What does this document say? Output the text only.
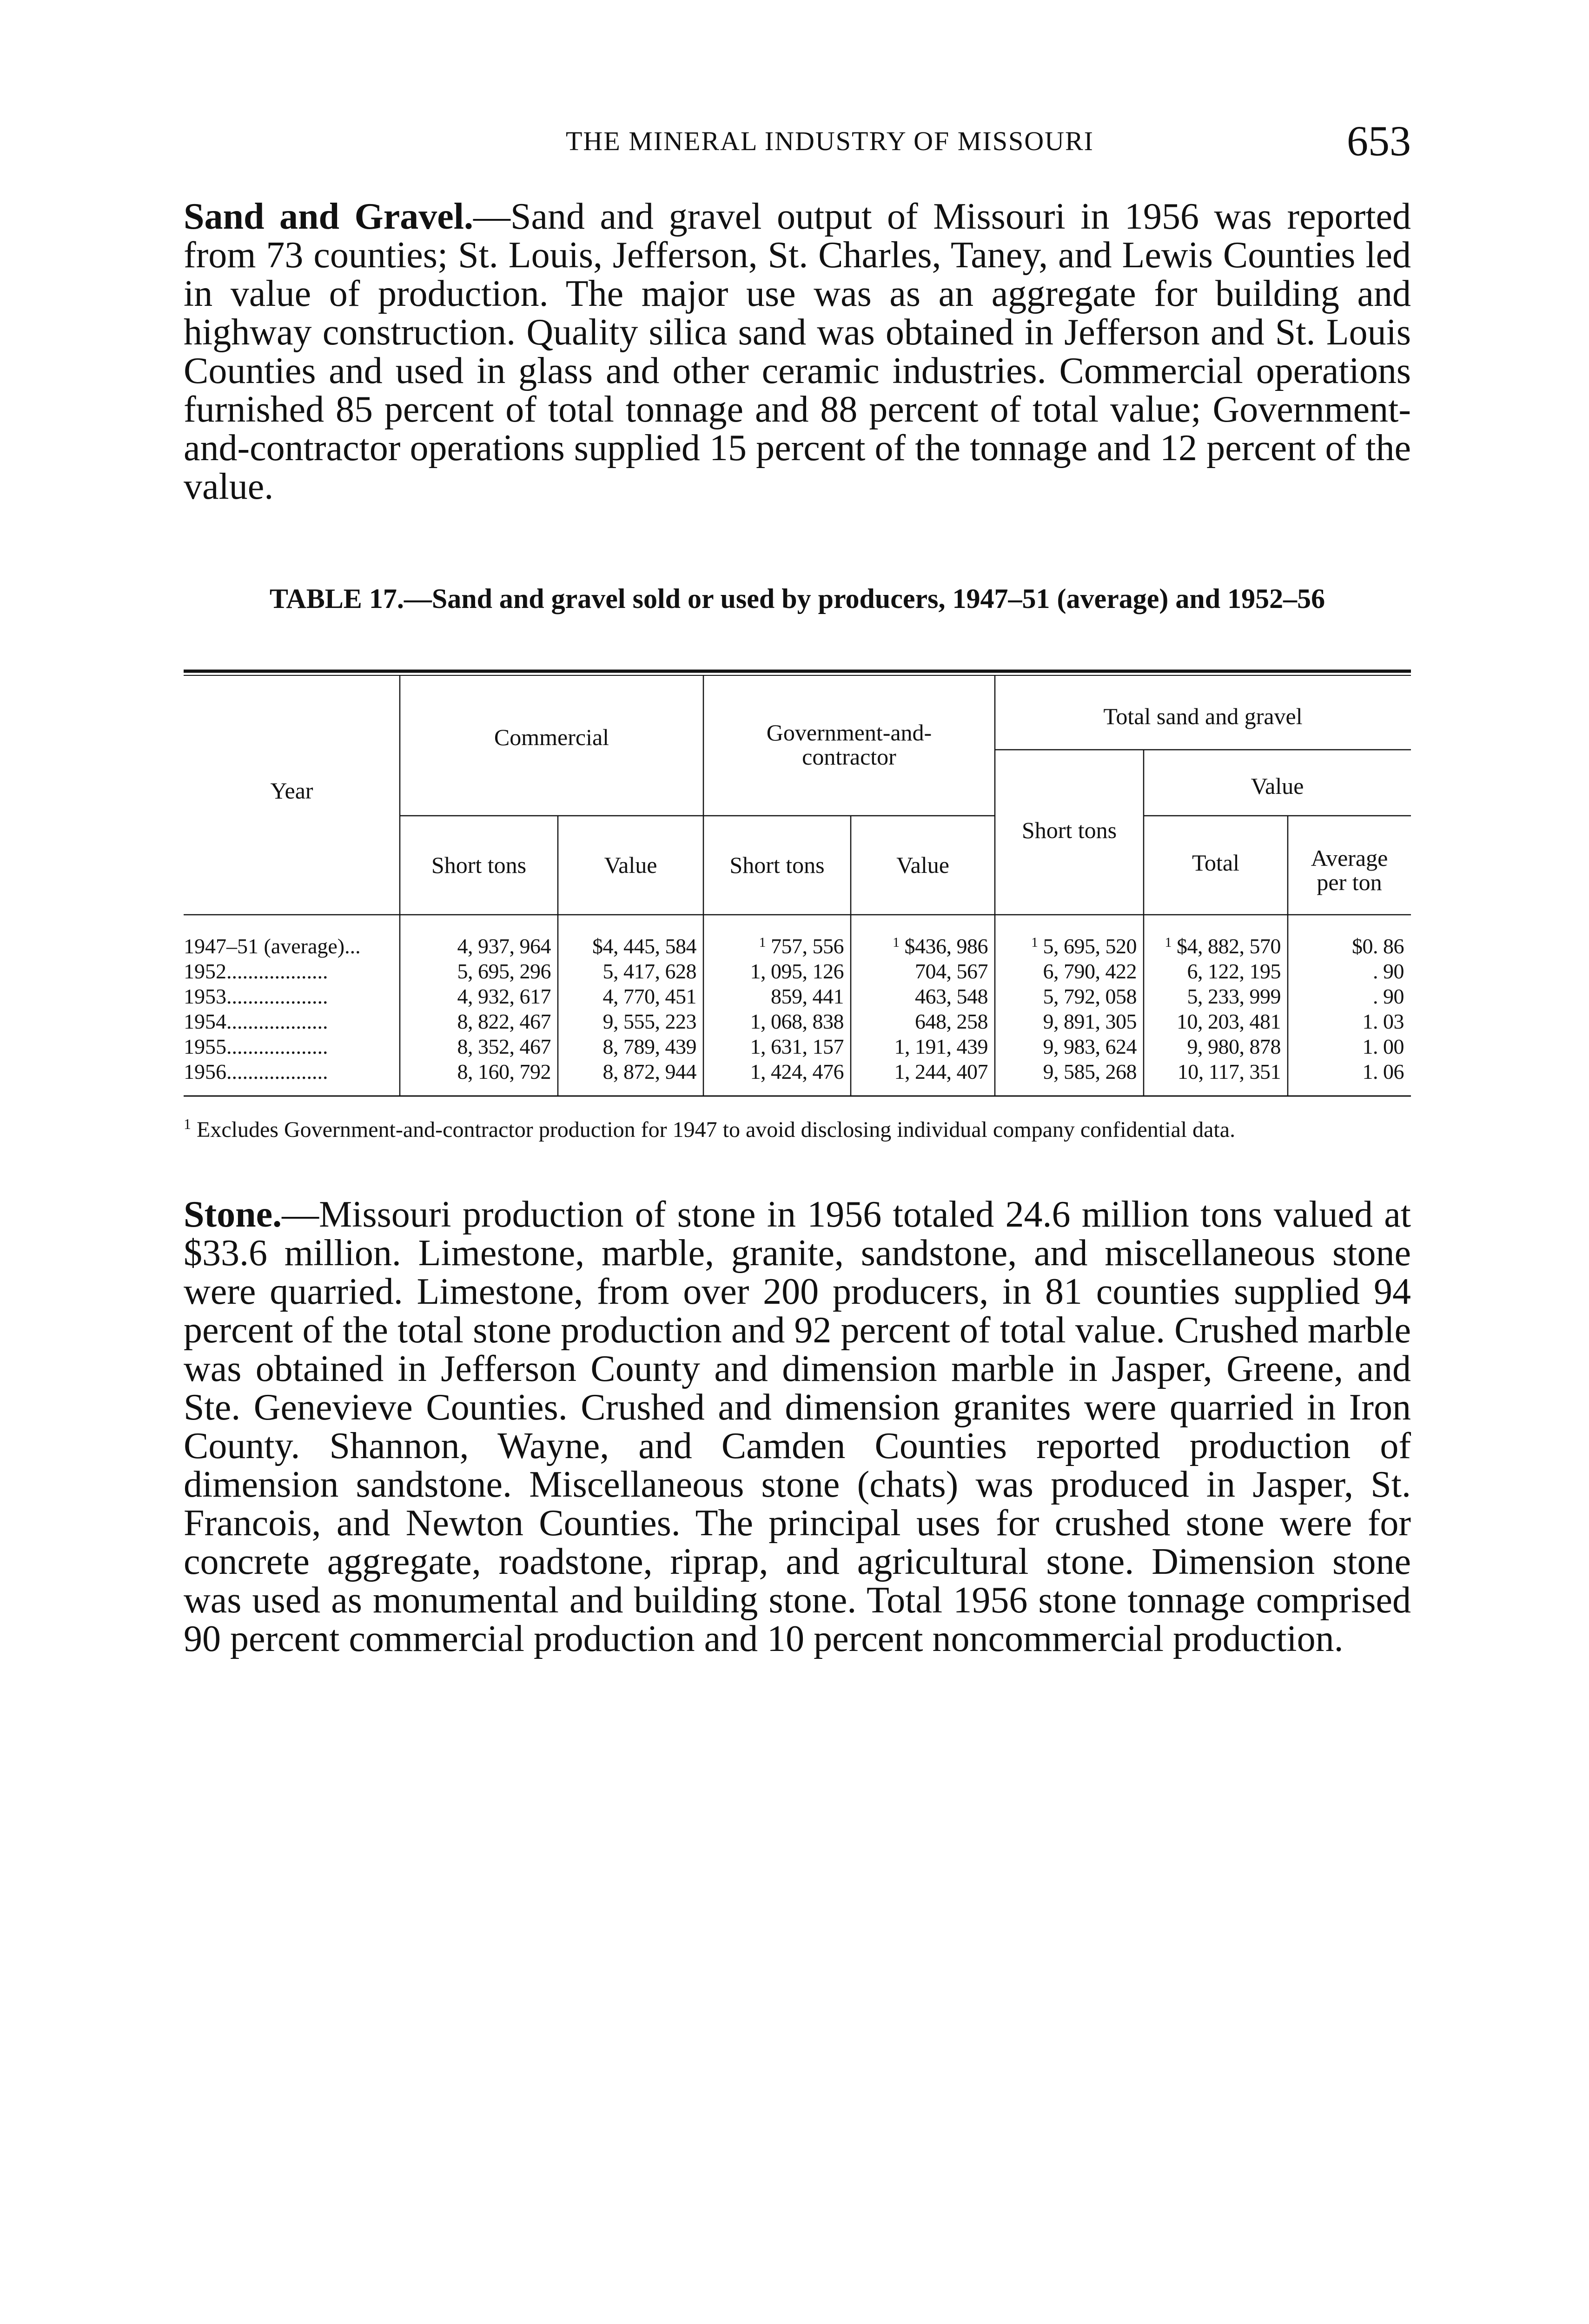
THE MINERAL INDUSTRY OF MISSOURI	653

Sand and Gravel.—Sand and gravel output of Missouri in 1956 was reported from 73 counties; St. Louis, Jefferson, St. Charles, Taney, and Lewis Counties led in value of production. The major use was as an aggregate for building and highway construction. Quality silica sand was obtained in Jefferson and St. Louis Counties and used in glass and other ceramic industries. Commercial operations furnished 85 percent of total tonnage and 88 percent of total value; Government-and-contractor operations supplied 15 percent of the tonnage and 12 percent of the value.

TABLE 17.—Sand and gravel sold or used by producers, 1947–51 (average) and 1952–56
Year
Commercial	Government-and-contractor
Total sand and gravel
Value
Short tons	Value	Short tons	Value
Short tons
Total	Average per ton
1947–51 (average)...	4, 937, 964	$4, 445, 584	$^1$ 757, 556	$^1$ $436, 986	$^1$ 5, 695, 520	$^1$ $4, 882, 570	$0. 86
1952...................	5, 695, 296	5, 417, 628	1, 095, 126	704, 567	6, 790, 422	6, 122, 195	. 90
1953...................	4, 932, 617	4, 770, 451	859, 441	463, 548	5, 792, 058	5, 233, 999	. 90
1954...................	8, 822, 467	9, 555, 223	1, 068, 838	648, 258	9, 891, 305	10, 203, 481	1. 03
1955...................	8, 352, 467	8, 789, 439	1, 631, 157	1, 191, 439	9, 983, 624	9, 980, 878	1. 00
1956...................	8, 160, 792	8, 872, 944	1, 424, 476	1, 244, 407	9, 585, 268	10, 117, 351	1. 06

$^1$ Excludes Government-and-contractor production for 1947 to avoid disclosing individual company confidential data.

Stone.—Missouri production of stone in 1956 totaled 24.6 million tons valued at $33.6 million. Limestone, marble, granite, sandstone, and miscellaneous stone were quarried. Limestone, from over 200 producers, in 81 counties supplied 94 percent of the total stone production and 92 percent of total value. Crushed marble was obtained in Jefferson County and dimension marble in Jasper, Greene, and Ste. Genevieve Counties. Crushed and dimension granites were quarried in Iron County. Shannon, Wayne, and Camden Counties reported production of dimension sandstone. Miscellaneous stone (chats) was produced in Jasper, St. Francois, and Newton Counties. The principal uses for crushed stone were for concrete aggregate, roadstone, riprap, and agricultural stone. Dimension stone was used as monumental and building stone. Total 1956 stone tonnage comprised 90 percent commercial production and 10 percent noncommercial production.
